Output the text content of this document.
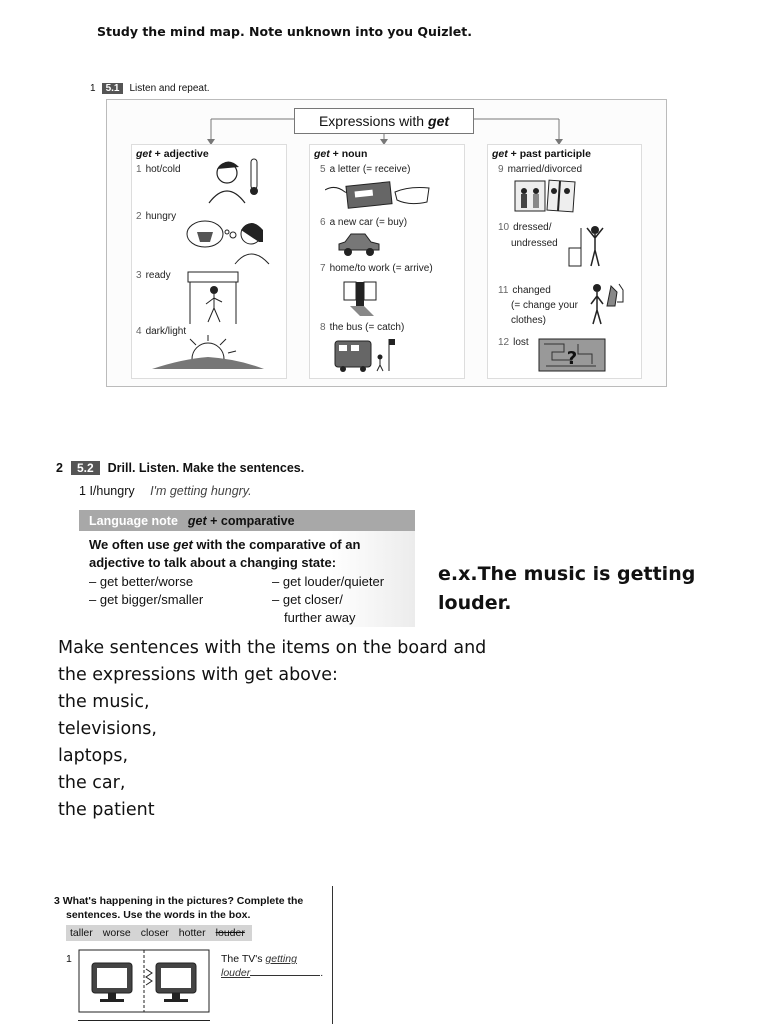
Study the mind map. Note unknown into you Quizlet.
1	5.1	Listen and repeat.
Expressions with get
get + adjective
1 hot/cold
2 hungry
3 ready
4 dark/light
get + noun
5 a letter (= receive)
6 a new car (= buy)
7 home/to work (= arrive)
8 the bus (= catch)
get + past participle
9 married/divorced
10 dressed/
undressed
11 changed
(= change your
clothes)
12 lost
?
2	5.2	Drill. Listen. Make the sentences.
1 I/hungry I'm getting hungry.
Language note get + comparative
We often use get with the comparative of an
adjective to talk about a changing state:
– get better/worse
– get bigger/smaller
– get louder/quieter
– get closer/
further away
e.x.The music is getting
louder.
Make sentences with the items on the board and
the expressions with get above:
the music,
televisions,
laptops,
the car,
the patient
3 What's happening in the pictures? Complete the
sentences. Use the words in the box.
taller worse closer hotter louder
1	The TV's getting
louder	.
